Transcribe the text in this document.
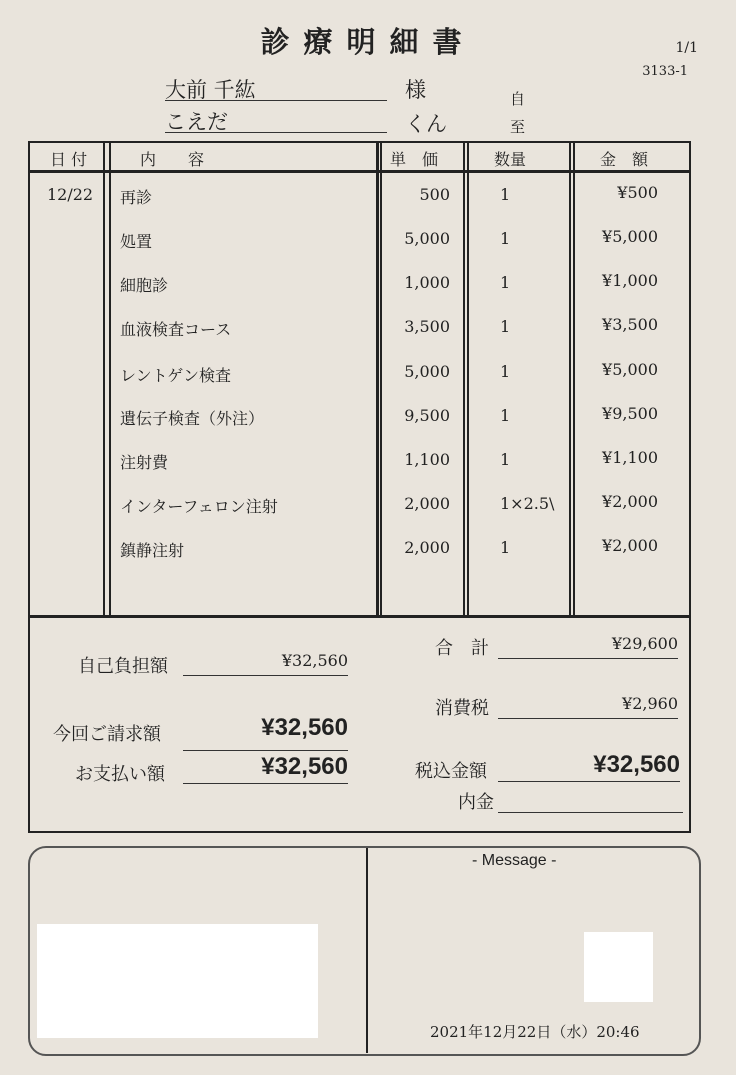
診療明細書	1/1
3133-1
大前 千紘	様
こえだ	くん
自
至
日 付	内　　容	単　価	数量	金　額
12/22 再診	500	1	¥500
処置	5,000	1	¥5,000
細胞診	1,000	1	¥1,000
血液検査コース	3,500	1	¥3,500
レントゲン検査	5,000	1	¥5,000
遺伝子検査（外注）	9,500	1	¥9,500
注射費	1,100	1	¥1,100
インターフェロン注射	2,000	1×2.5\	¥2,000
鎮静注射	2,000	1	¥2,000
自己負担額	¥32,560
今回ご請求額	¥32,560
お支払い額	¥32,560
合　計	¥29,600
消費税	¥2,960
税込金額	¥32,560
内金
- Message -
2021年12月22日（水）20:46
